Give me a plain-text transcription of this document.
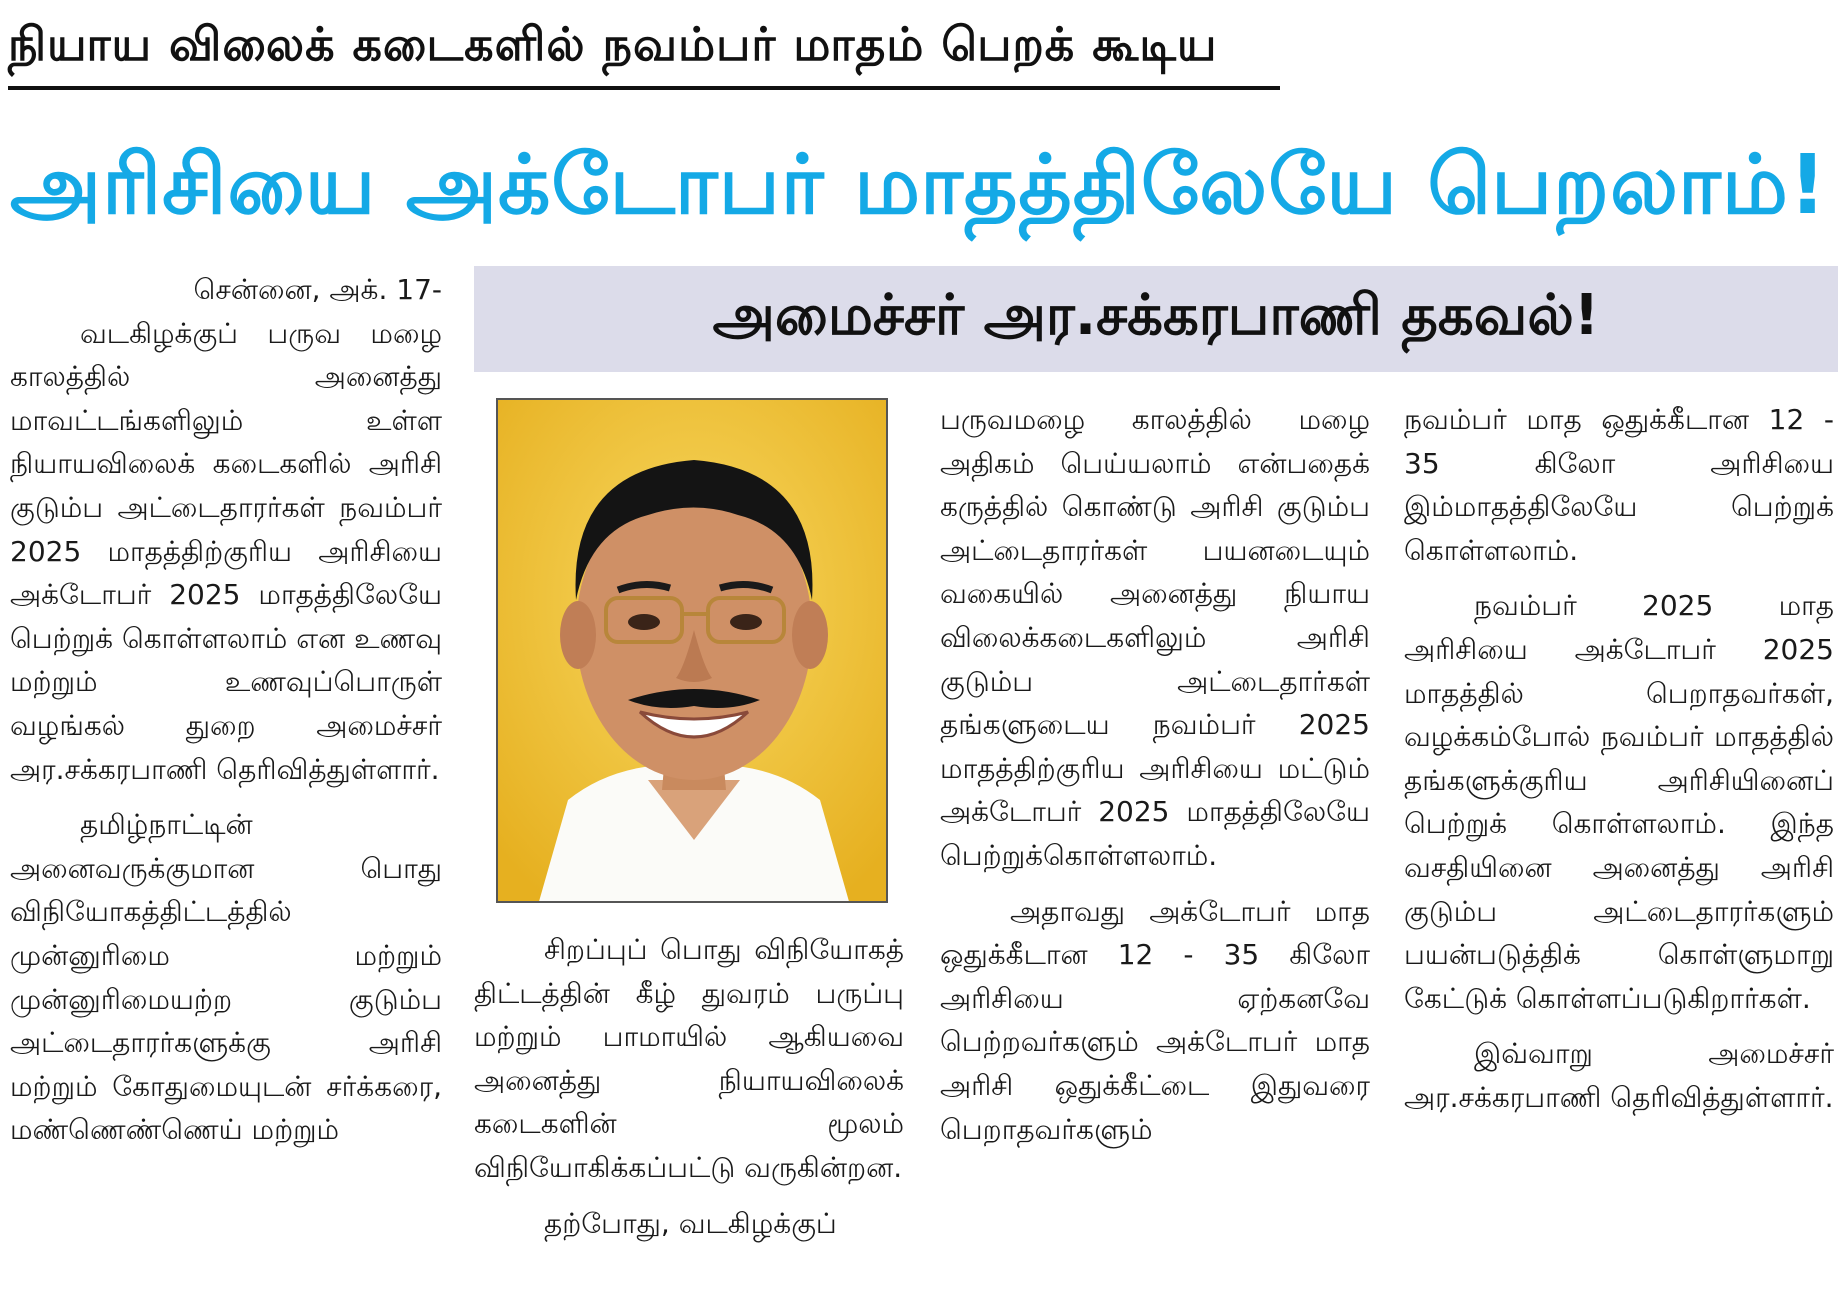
நியாய விலைக் கடைகளில் நவம்பர் மாதம் பெறக் கூடிய
அரிசியை அக்டோபர் மாதத்திலேயே பெறலாம்!
அமைச்சர் அர.சக்கரபாணி தகவல்!

சென்னை, அக். 17-

வடகிழக்குப் பருவ மழை காலத்தில் அனைத்து மாவட்டங்களிலும் உள்ள நியாயவிலைக் கடைகளில் அரிசி குடும்ப அட்டைதாரர்கள் நவம்பர் 2025 மாதத்திற்குரிய அரிசியை அக்டோபர் 2025 மாதத்திலேயே பெற்றுக் கொள்ளலாம் என உணவு மற்றும் உணவுப்பொருள் வழங்கல் துறை அமைச்சர் அர.சக்கரபாணி தெரிவித்துள்ளார்.

தமிழ்நாட்டின் அனைவருக்குமான பொது விநியோகத்திட்டத்தில் முன்னுரிமை மற்றும் முன்னுரிமையற்ற குடும்ப அட்டைதாரர்களுக்கு அரிசி மற்றும் கோதுமையுடன் சர்க்கரை, மண்ணெண்ணெய் மற்றும்

சிறப்புப் பொது விநியோகத் திட்டத்தின் கீழ் துவரம் பருப்பு மற்றும் பாமாயில் ஆகியவை அனைத்து நியாயவிலைக் கடைகளின் மூலம் விநியோகிக்கப்பட்டு வருகின்றன.

தற்போது, வடகிழக்குப்

பருவமழை காலத்தில் மழை அதிகம் பெய்யலாம் என்பதைக் கருத்தில் கொண்டு அரிசி குடும்ப அட்டைதாரர்கள் பயனடையும் வகையில் அனைத்து நியாய விலைக்கடைகளிலும் அரிசி குடும்ப அட்டைதார்கள் தங்களுடைய நவம்பர் 2025 மாதத்திற்குரிய அரிசியை மட்டும் அக்டோபர் 2025 மாதத்திலேயே பெற்றுக்கொள்ளலாம்.

அதாவது அக்டோபர் மாத ஒதுக்கீடான 12 - 35 கிலோ அரிசியை ஏற்கனவே பெற்றவர்களும் அக்டோபர் மாத அரிசி ஒதுக்கீட்டை இதுவரை பெறாதவர்களும்

நவம்பர் மாத ஒதுக்கீடான 12 - 35 கிலோ அரிசியை இம்மாதத்திலேயே பெற்றுக் கொள்ளலாம்.

நவம்பர் 2025 மாத அரிசியை அக்டோபர் 2025 மாதத்தில் பெறாதவர்கள், வழக்கம்போல் நவம்பர் மாதத்தில் தங்களுக்குரிய அரிசியினைப் பெற்றுக் கொள்ளலாம். இந்த வசதியினை அனைத்து அரிசி குடும்ப அட்டைதாரர்களும் பயன்படுத்திக் கொள்ளுமாறு கேட்டுக் கொள்ளப்படுகிறார்கள்.

இவ்வாறு அமைச்சர் அர.சக்கரபாணி தெரிவித்துள்ளார்.
